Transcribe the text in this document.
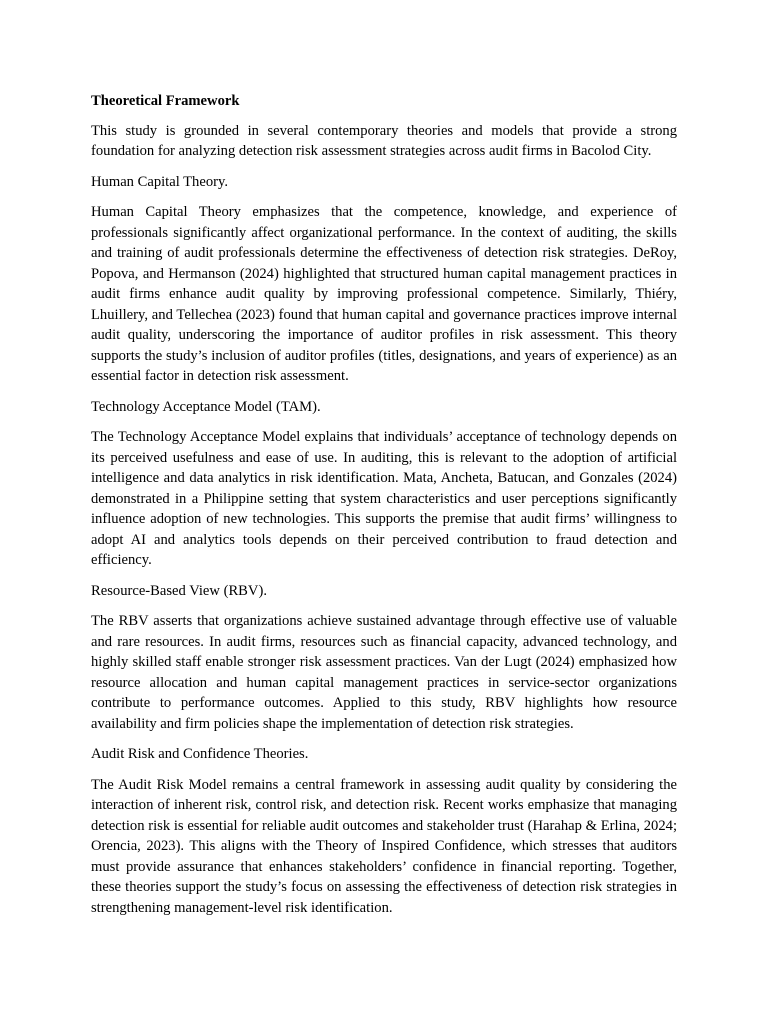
Theoretical Framework

This study is grounded in several contemporary theories and models that provide a strong foundation for analyzing detection risk assessment strategies across audit firms in Bacolod City.

Human Capital Theory.

Human Capital Theory emphasizes that the competence, knowledge, and experience of professionals significantly affect organizational performance. In the context of auditing, the skills and training of audit professionals determine the effectiveness of detection risk strategies. DeRoy, Popova, and Hermanson (2024) highlighted that structured human capital management practices in audit firms enhance audit quality by improving professional competence. Similarly, Thiéry, Lhuillery, and Tellechea (2023) found that human capital and governance practices improve internal audit quality, underscoring the importance of auditor profiles in risk assessment. This theory supports the study’s inclusion of auditor profiles (titles, designations, and years of experience) as an essential factor in detection risk assessment.

Technology Acceptance Model (TAM).

The Technology Acceptance Model explains that individuals’ acceptance of technology depends on its perceived usefulness and ease of use. In auditing, this is relevant to the adoption of artificial intelligence and data analytics in risk identification. Mata, Ancheta, Batucan, and Gonzales (2024) demonstrated in a Philippine setting that system characteristics and user perceptions significantly influence adoption of new technologies. This supports the premise that audit firms’ willingness to adopt AI and analytics tools depends on their perceived contribution to fraud detection and efficiency.

Resource-Based View (RBV).

The RBV asserts that organizations achieve sustained advantage through effective use of valuable and rare resources. In audit firms, resources such as financial capacity, advanced technology, and highly skilled staff enable stronger risk assessment practices. Van der Lugt (2024) emphasized how resource allocation and human capital management practices in service-sector organizations contribute to performance outcomes. Applied to this study, RBV highlights how resource availability and firm policies shape the implementation of detection risk strategies.

Audit Risk and Confidence Theories.

The Audit Risk Model remains a central framework in assessing audit quality by considering the interaction of inherent risk, control risk, and detection risk. Recent works emphasize that managing detection risk is essential for reliable audit outcomes and stakeholder trust (Harahap & Erlina, 2024; Orencia, 2023). This aligns with the Theory of Inspired Confidence, which stresses that auditors must provide assurance that enhances stakeholders’ confidence in financial reporting. Together, these theories support the study’s focus on assessing the effectiveness of detection risk strategies in strengthening management-level risk identification.
